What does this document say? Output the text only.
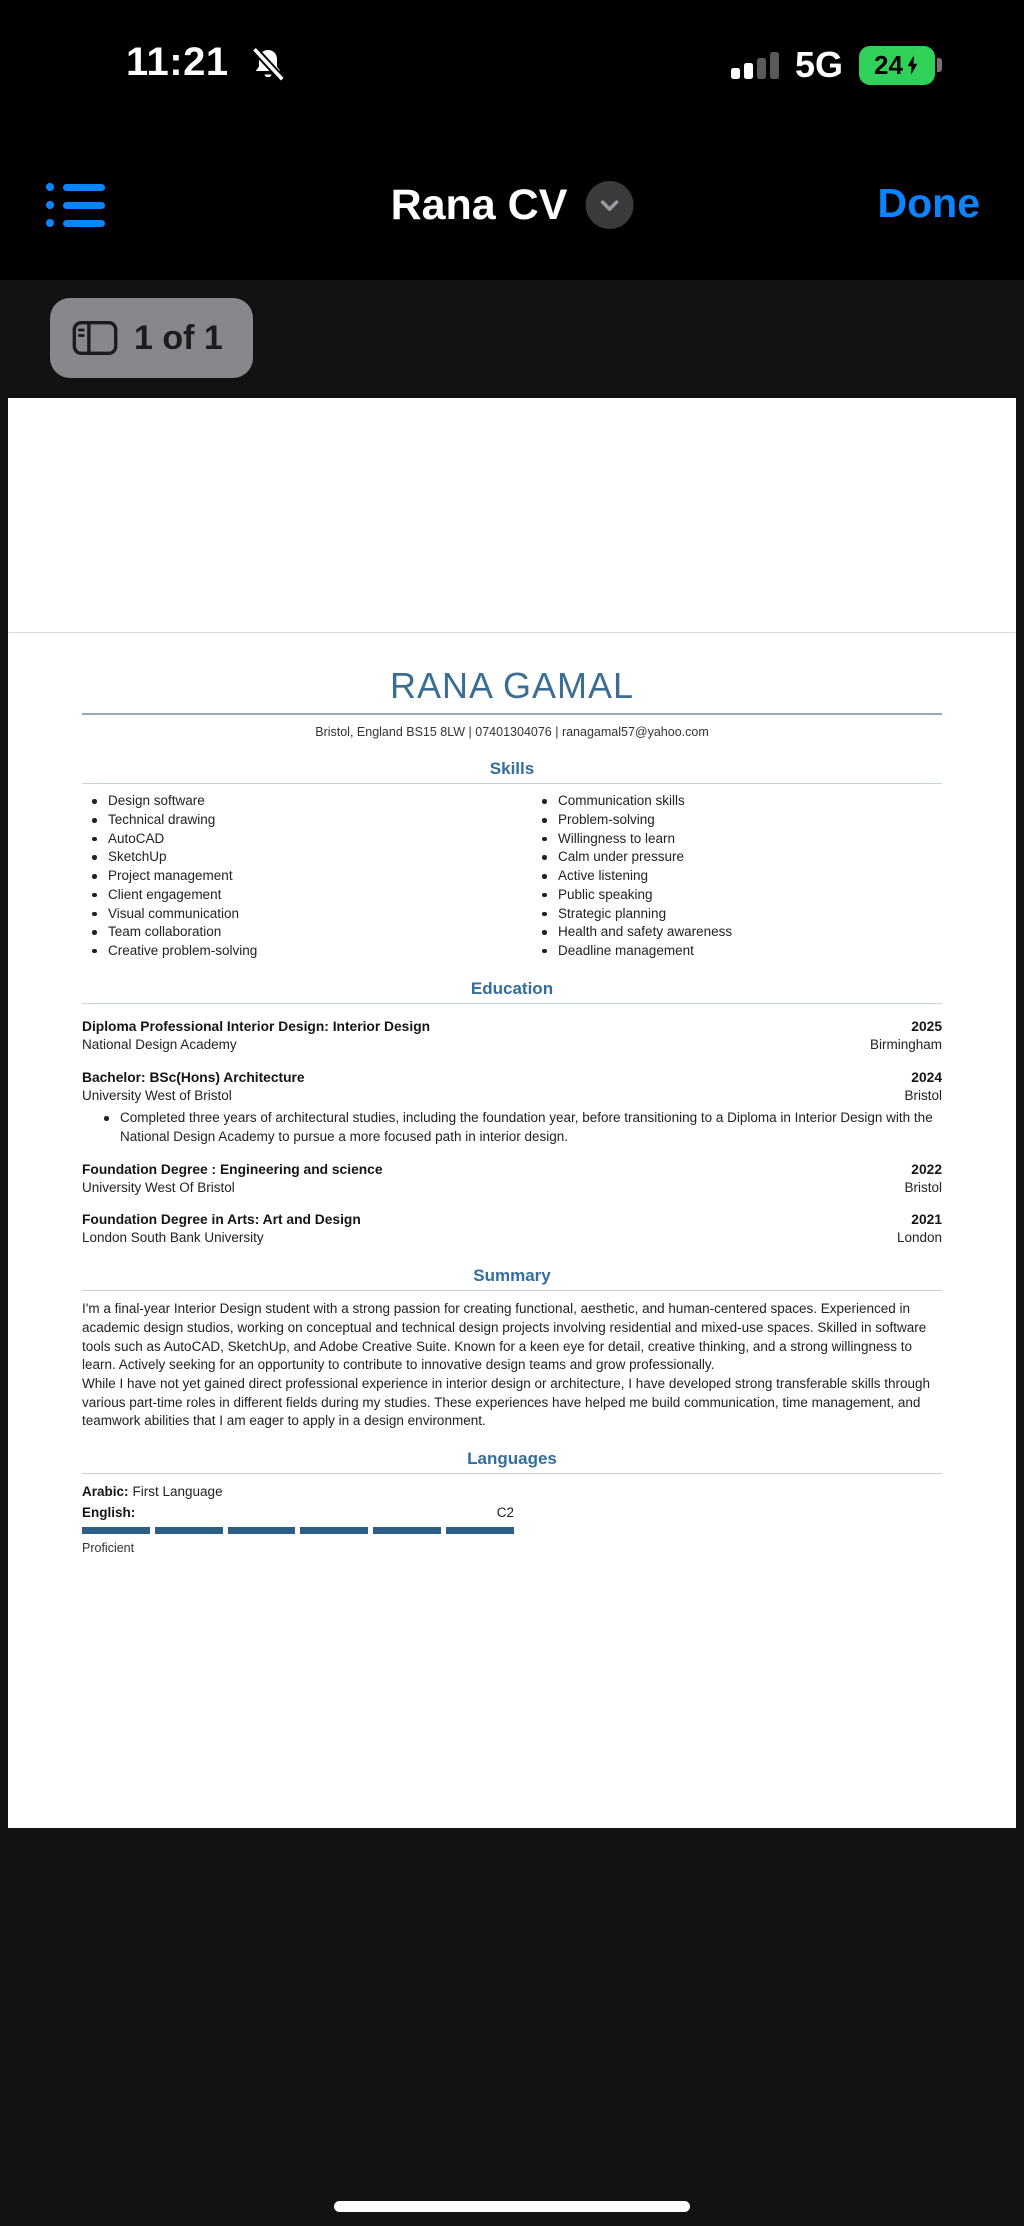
11:21	5G 24
Rana CV	Done
1 of 1
RANA GAMAL
Bristol, England BS15 8LW | 07401304076 | ranagamal57@yahoo.com
Skills
Design software
Technical drawing
AutoCAD
SketchUp
Project management
Client engagement
Visual communication
Team collaboration
Creative problem-solving
Communication skills
Problem-solving
Willingness to learn
Calm under pressure
Active listening
Public speaking
Strategic planning
Health and safety awareness
Deadline management
Education
Diploma Professional Interior Design: Interior Design	2025
National Design Academy	Birmingham
Bachelor: BSc(Hons) Architecture	2024
University West of Bristol	Bristol
Completed three years of architectural studies, including the foundation year, before transitioning to a Diploma in Interior Design with the National Design Academy to pursue a more focused path in interior design.
Foundation Degree : Engineering and science	2022
University West Of Bristol	Bristol
Foundation Degree in Arts: Art and Design	2021
London South Bank University	London
Summary

I'm a final-year Interior Design student with a strong passion for creating functional, aesthetic, and human-centered spaces. Experienced in academic design studios, working on conceptual and technical design projects involving residential and mixed-use spaces. Skilled in software tools such as AutoCAD, SketchUp, and Adobe Creative Suite. Known for a keen eye for detail, creative thinking, and a strong willingness to learn. Actively seeking for an opportunity to contribute to innovative design teams and grow professionally.

While I have not yet gained direct professional experience in interior design or architecture, I have developed strong transferable skills through various part-time roles in different fields during my studies. These experiences have helped me build communication, time management, and teamwork abilities that I am eager to apply in a design environment.

Languages
Arabic: First Language
English:	C2
Proficient
